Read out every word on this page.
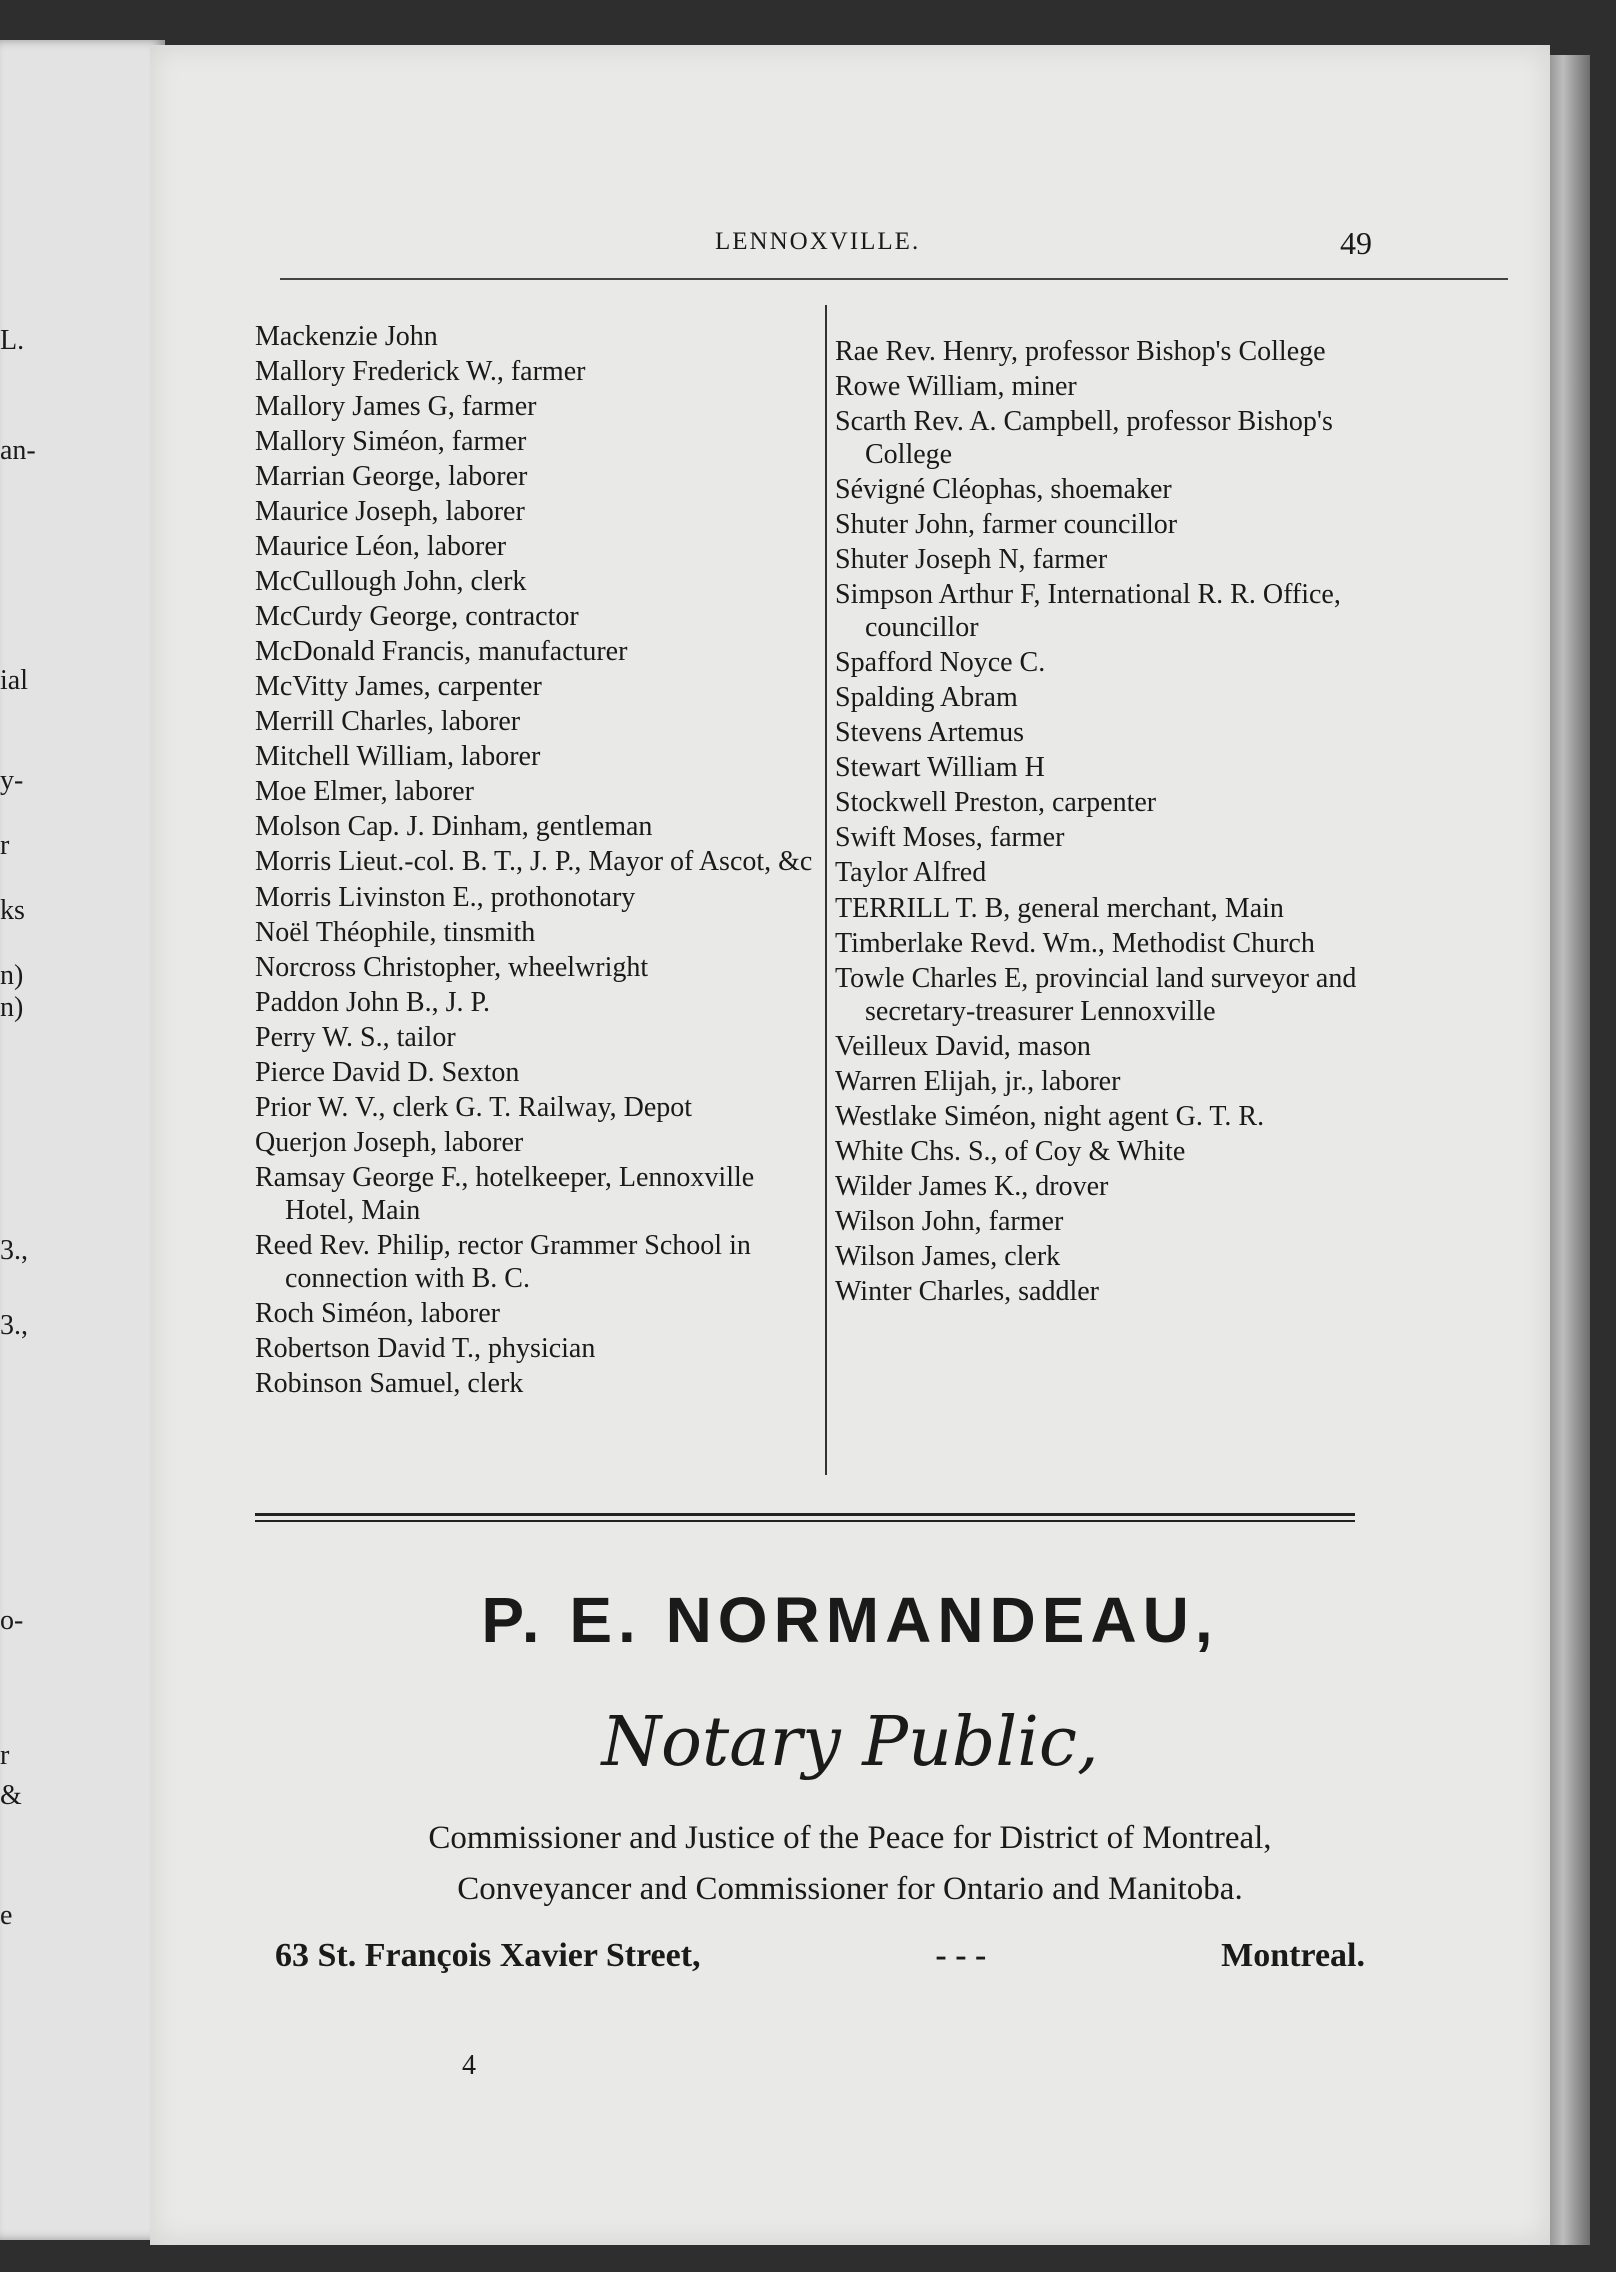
L.
an-
ial
y-
r
ks
n)
n)
3.,
3.,
o-
r
&
e
LENNOXVILLE.	49
Mackenzie John
Mallory Frederick W., farmer
Mallory James G, farmer
Mallory Siméon, farmer
Marrian George, laborer
Maurice Joseph, laborer
Maurice Léon, laborer
McCullough John, clerk
McCurdy George, contractor
McDonald Francis, manufacturer
McVitty James, carpenter
Merrill Charles, laborer
Mitchell William, laborer
Moe Elmer, laborer
Molson Cap. J. Dinham, gentleman
Morris Lieut.-col. B. T., J. P., Mayor of Ascot, &c
Morris Livinston E., prothonotary
Noël Théophile, tinsmith
Norcross Christopher, wheelwright
Paddon John B., J. P.
Perry W. S., tailor
Pierce David D. Sexton
Prior W. V., clerk G. T. Railway, Depot
Querjon Joseph, laborer
Ramsay George F., hotelkeeper, Lennoxville Hotel, Main
Reed Rev. Philip, rector Grammer School in connection with B. C.
Roch Siméon, laborer
Robertson David T., physician
Robinson Samuel, clerk
Rae Rev. Henry, professor Bishop's College
Rowe William, miner
Scarth Rev. A. Campbell, professor Bishop's College
Sévigné Cléophas, shoemaker
Shuter John, farmer councillor
Shuter Joseph N, farmer
Simpson Arthur F, International R. R. Office, councillor
Spafford Noyce C.
Spalding Abram
Stevens Artemus
Stewart William H
Stockwell Preston, carpenter
Swift Moses, farmer
Taylor Alfred
TERRILL T. B, general merchant, Main
Timberlake Revd. Wm., Methodist Church
Towle Charles E, provincial land surveyor and secretary-treasurer Lennoxville
Veilleux David, mason
Warren Elijah, jr., laborer
Westlake Siméon, night agent G. T. R.
White Chs. S., of Coy & White
Wilder James K., drover
Wilson John, farmer
Wilson James, clerk
Winter Charles, saddler
P. E. NORMANDEAU,
Notary Public,
Commissioner and Justice of the Peace for District of Montreal,
Conveyancer and Commissioner for Ontario and Manitoba.
63 St. François Xavier Street,	- - -	Montreal.
4
